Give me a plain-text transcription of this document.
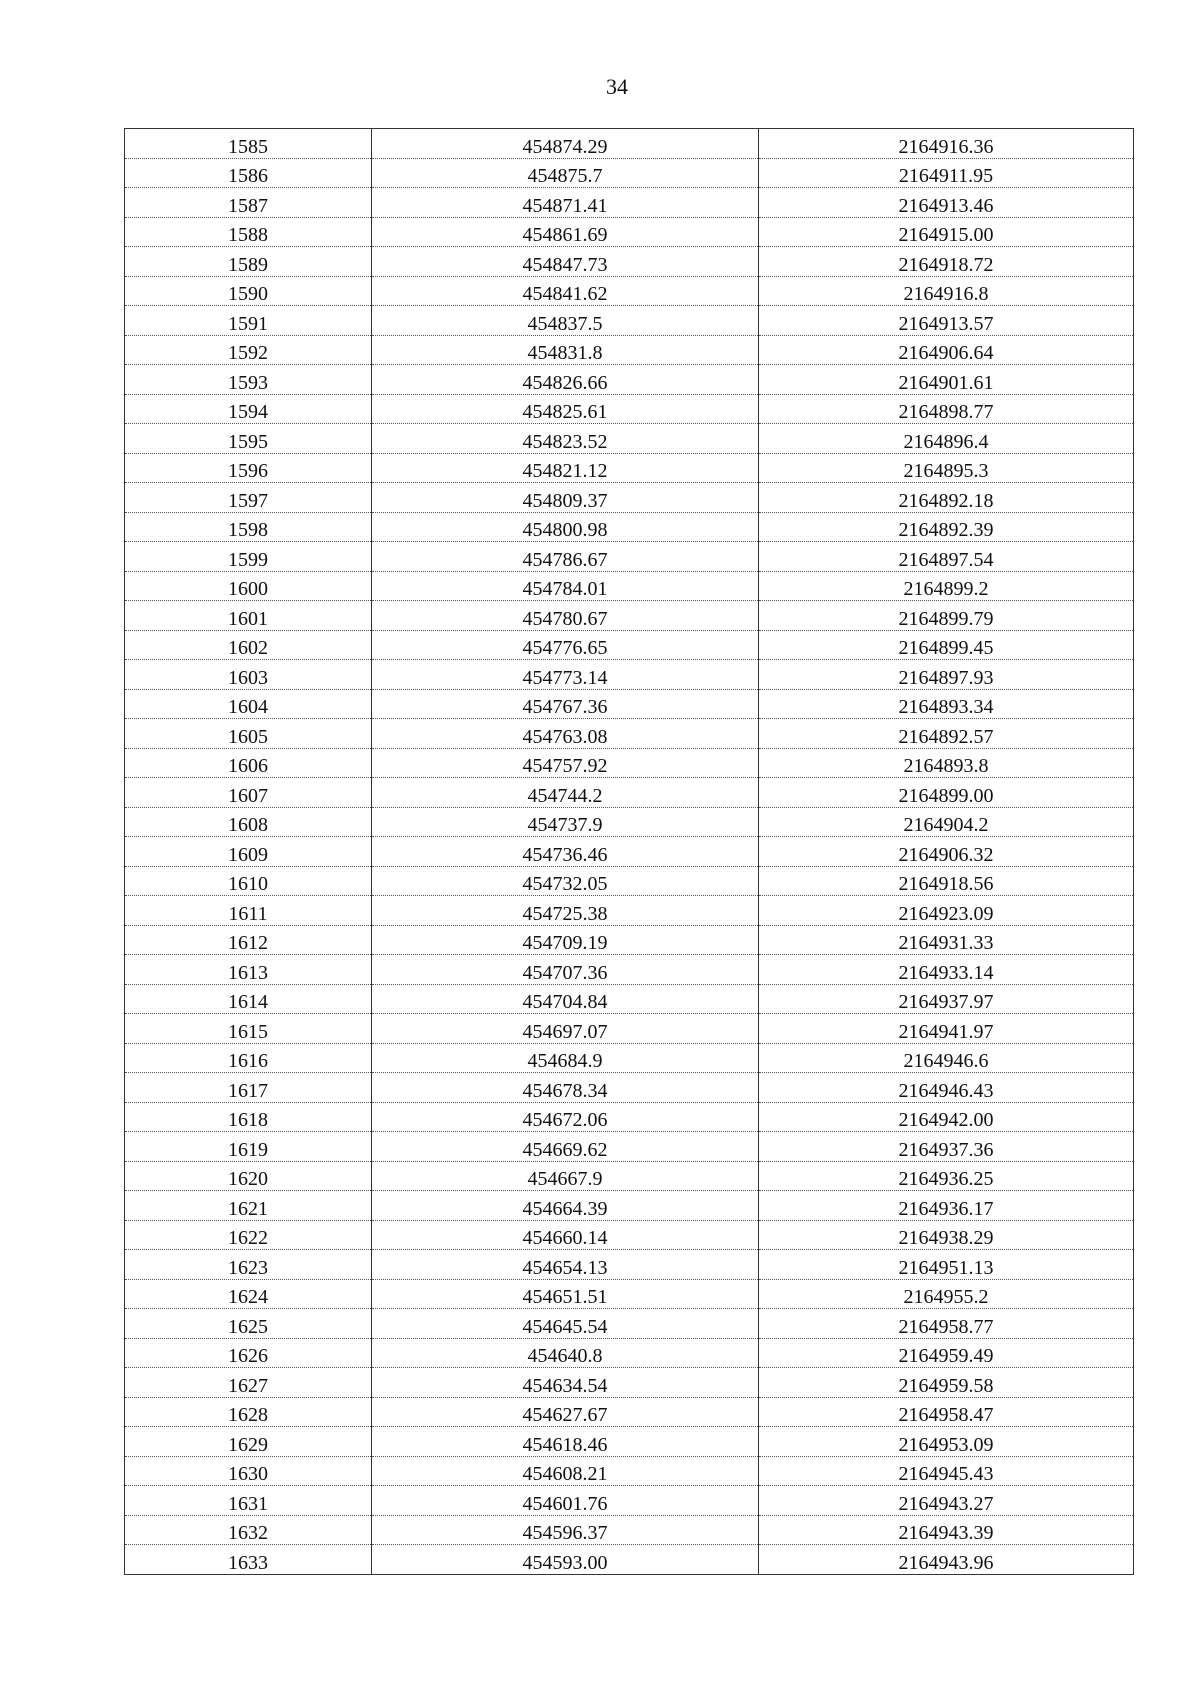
34
1585	454874.29	2164916.36
1586	454875.7	2164911.95
1587	454871.41	2164913.46
1588	454861.69	2164915.00
1589	454847.73	2164918.72
1590	454841.62	2164916.8
1591	454837.5	2164913.57
1592	454831.8	2164906.64
1593	454826.66	2164901.61
1594	454825.61	2164898.77
1595	454823.52	2164896.4
1596	454821.12	2164895.3
1597	454809.37	2164892.18
1598	454800.98	2164892.39
1599	454786.67	2164897.54
1600	454784.01	2164899.2
1601	454780.67	2164899.79
1602	454776.65	2164899.45
1603	454773.14	2164897.93
1604	454767.36	2164893.34
1605	454763.08	2164892.57
1606	454757.92	2164893.8
1607	454744.2	2164899.00
1608	454737.9	2164904.2
1609	454736.46	2164906.32
1610	454732.05	2164918.56
1611	454725.38	2164923.09
1612	454709.19	2164931.33
1613	454707.36	2164933.14
1614	454704.84	2164937.97
1615	454697.07	2164941.97
1616	454684.9	2164946.6
1617	454678.34	2164946.43
1618	454672.06	2164942.00
1619	454669.62	2164937.36
1620	454667.9	2164936.25
1621	454664.39	2164936.17
1622	454660.14	2164938.29
1623	454654.13	2164951.13
1624	454651.51	2164955.2
1625	454645.54	2164958.77
1626	454640.8	2164959.49
1627	454634.54	2164959.58
1628	454627.67	2164958.47
1629	454618.46	2164953.09
1630	454608.21	2164945.43
1631	454601.76	2164943.27
1632	454596.37	2164943.39
1633	454593.00	2164943.96
